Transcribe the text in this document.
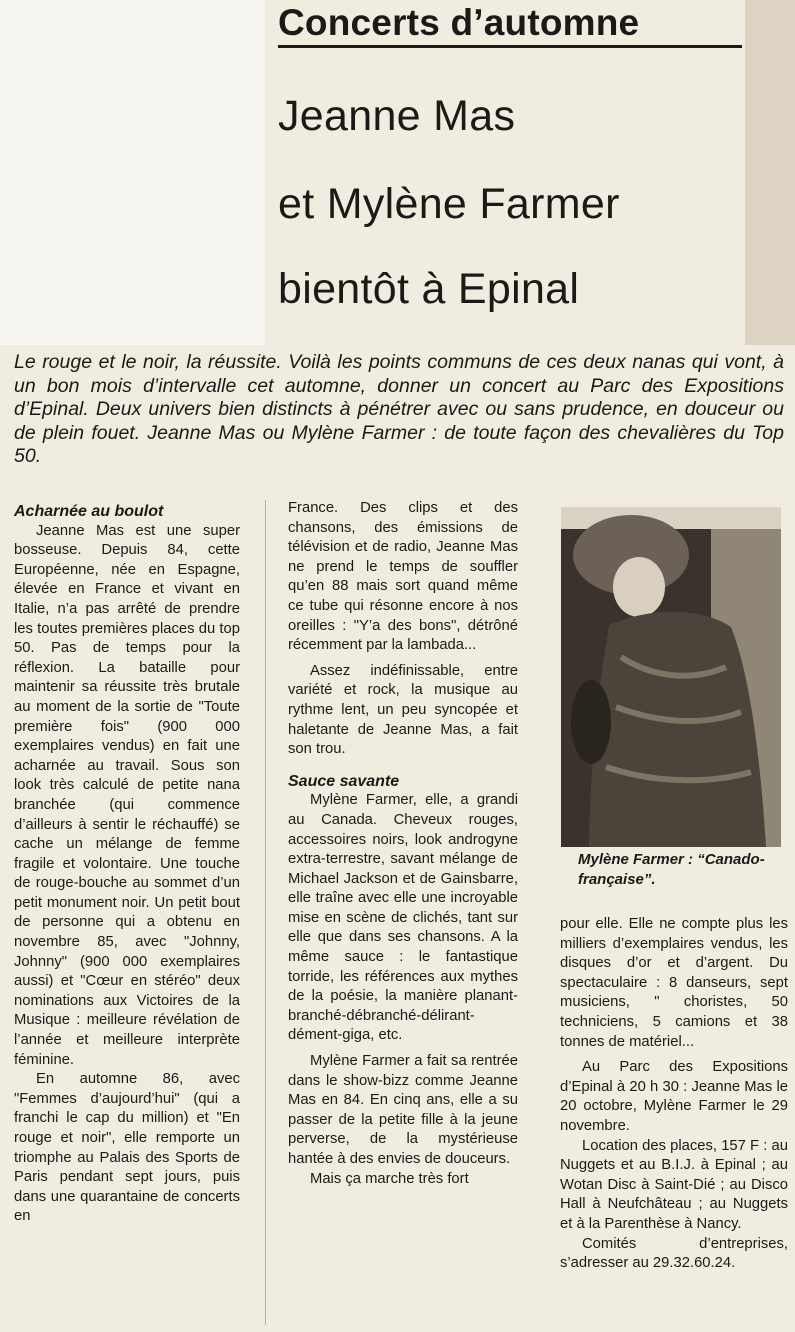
Concerts d’automne
Jeanne Mas
et Mylène Farmer
bientôt à Epinal
Le rouge et le noir, la réussite. Voilà les points communs de ces deux nanas qui vont, à un bon mois d’intervalle cet automne, donner un concert au Parc des Expositions d’Epinal. Deux univers bien distincts à pénétrer avec ou sans prudence, en douceur ou de plein fouet. Jeanne Mas ou Mylène Farmer : de toute façon des chevalières du Top 50.

Acharnée au boulot

Jeanne Mas est une super bosseuse. Depuis 84, cette Européenne, née en Espagne, élevée en France et vivant en Italie, n’a pas arrêté de prendre les toutes premières places du top 50. Pas de temps pour la réflexion. La bataille pour maintenir sa réussite très brutale au moment de la sortie de "Toute première fois" (900 000 exemplaires vendus) en fait une acharnée au travail. Sous son look très calculé de petite nana branchée (qui commence d’ailleurs à sentir le réchauffé) se cache un mélange de femme fragile et volontaire. Une touche de rouge-bouche au sommet d’un petit monument noir. Un petit bout de personne qui a obtenu en novembre 85, avec "Johnny, Johnny" (900 000 exemplaires aussi) et "Cœur en stéréo" deux nominations aux Victoires de la Musique : meilleure révélation de l’année et meilleure interprète féminine.

En automne 86, avec "Femmes d’aujourd’hui" (qui a franchi le cap du million) et "En rouge et noir", elle remporte un triomphe au Palais des Sports de Paris pendant sept jours, puis dans une quarantaine de concerts en

France. Des clips et des chansons, des émissions de télévision et de radio, Jeanne Mas ne prend le temps de souffler qu’en 88 mais sort quand même ce tube qui résonne encore à nos oreilles : "Y’a des bons", détrôné récemment par la lambada...

Assez indéfinissable, entre variété et rock, la musique au rythme lent, un peu syncopée et haletante de Jeanne Mas, a fait son trou.

Sauce savante

Mylène Farmer, elle, a grandi au Canada. Cheveux rouges, accessoires noirs, look androgyne extra-terrestre, savant mélange de Michael Jackson et de Gainsbarre, elle traîne avec elle une incroyable mise en scène de clichés, tant sur elle que dans ses chansons. A la même sauce : le fantastique torride, les références aux mythes de la poésie, la manière planant-branché-débranché-délirant-dément-giga, etc.

Mylène Farmer a fait sa rentrée dans le show-bizz comme Jeanne Mas en 84. En cinq ans, elle a su passer de la petite fille à la jeune perverse, de la mystérieuse hantée à des envies de douceurs.

Mais ça marche très fort

Mylène Farmer : “Canado-française”.

pour elle. Elle ne compte plus les milliers d’exemplaires vendus, les disques d’or et d’argent. Du spectaculaire : 8 danseurs, sept musiciens, " choristes, 50 techniciens, 5 camions et 38 tonnes de matériel...

Au Parc des Expositions d’Epinal à 20 h 30 : Jeanne Mas le 20 octobre, Mylène Farmer le 29 novembre.

Location des places, 157 F : au Nuggets et au B.I.J. à Epinal ; au Wotan Disc à Saint-Dié ; au Disco Hall à Neufchâteau ; au Nuggets et à la Parenthèse à Nancy.

Comités d’entreprises, s’adresser au 29.32.60.24.
